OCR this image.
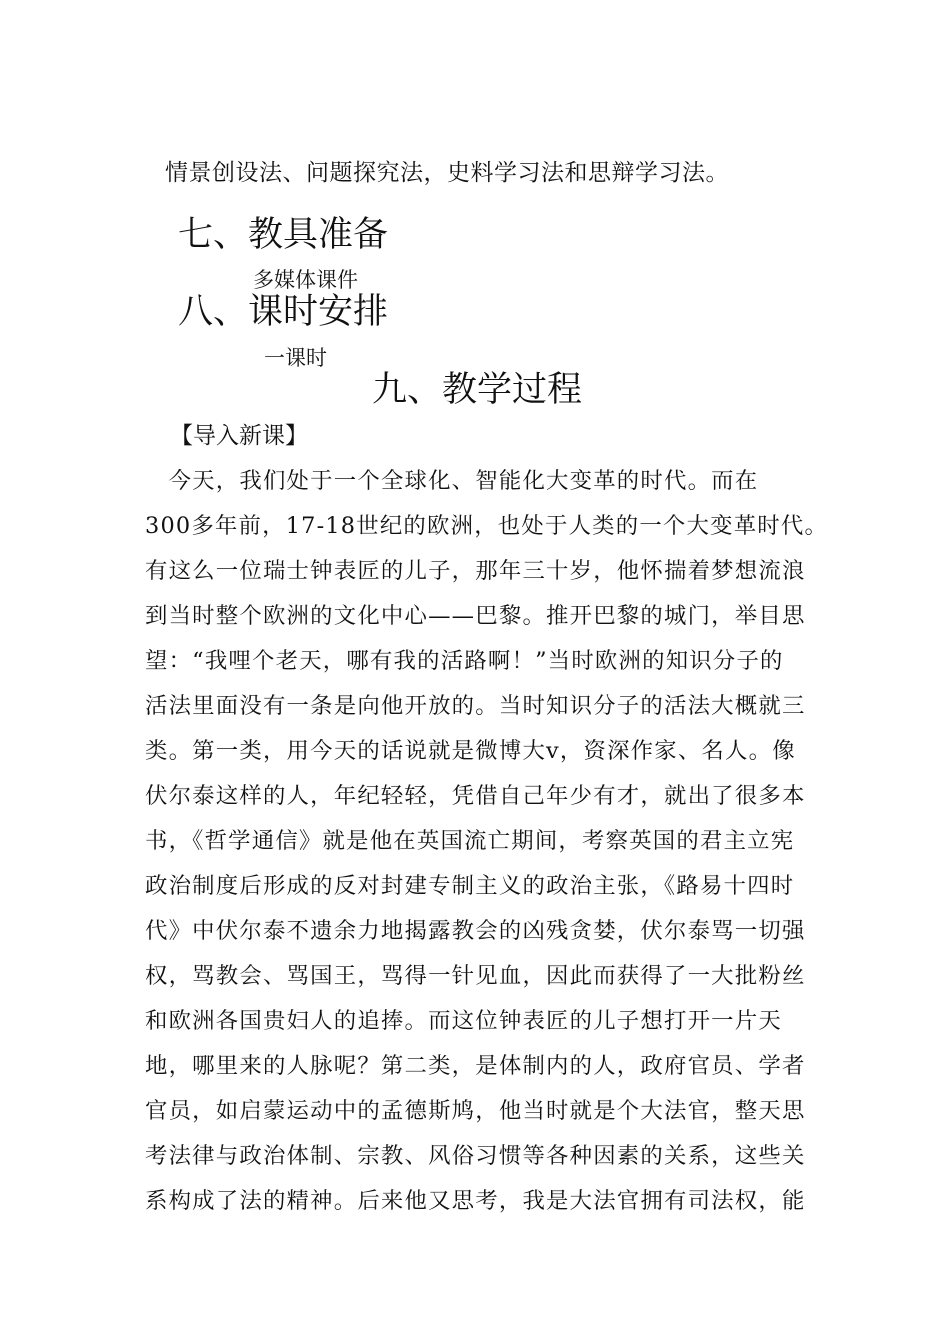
情景创设法、问题探究法，史料学习法和思辩学习法。
七、教具准备
多媒体课件
八、课时安排
一课时
九、教学过程
【导入新课】
　今天，我们处于一个全球化、智能化大变革的时代。而在
300多年前，17-18世纪的欧洲，也处于人类的一个大变革时代。
有这么一位瑞士钟表匠的儿子，那年三十岁，他怀揣着梦想流浪
到当时整个欧洲的文化中心——巴黎。推开巴黎的城门，举目思
望：“我哩个老天，哪有我的活路啊！”当时欧洲的知识分子的
活法里面没有一条是向他开放的。当时知识分子的活法大概就三
类。第一类，用今天的话说就是微博大v，资深作家、名人。像
伏尔泰这样的人，年纪轻轻，凭借自己年少有才，就出了很多本
书，《哲学通信》就是他在英国流亡期间，考察英国的君主立宪
政治制度后形成的反对封建专制主义的政治主张，《路易十四时
代》中伏尔泰不遗余力地揭露教会的凶残贪婪，伏尔泰骂一切强
权，骂教会、骂国王，骂得一针见血，因此而获得了一大批粉丝
和欧洲各国贵妇人的追捧。而这位钟表匠的儿子想打开一片天
地，哪里来的人脉呢？第二类，是体制内的人，政府官员、学者
官员，如启蒙运动中的孟德斯鸠，他当时就是个大法官，整天思
考法律与政治体制、宗教、风俗习惯等各种因素的关系，这些关
系构成了法的精神。后来他又思考，我是大法官拥有司法权，能
